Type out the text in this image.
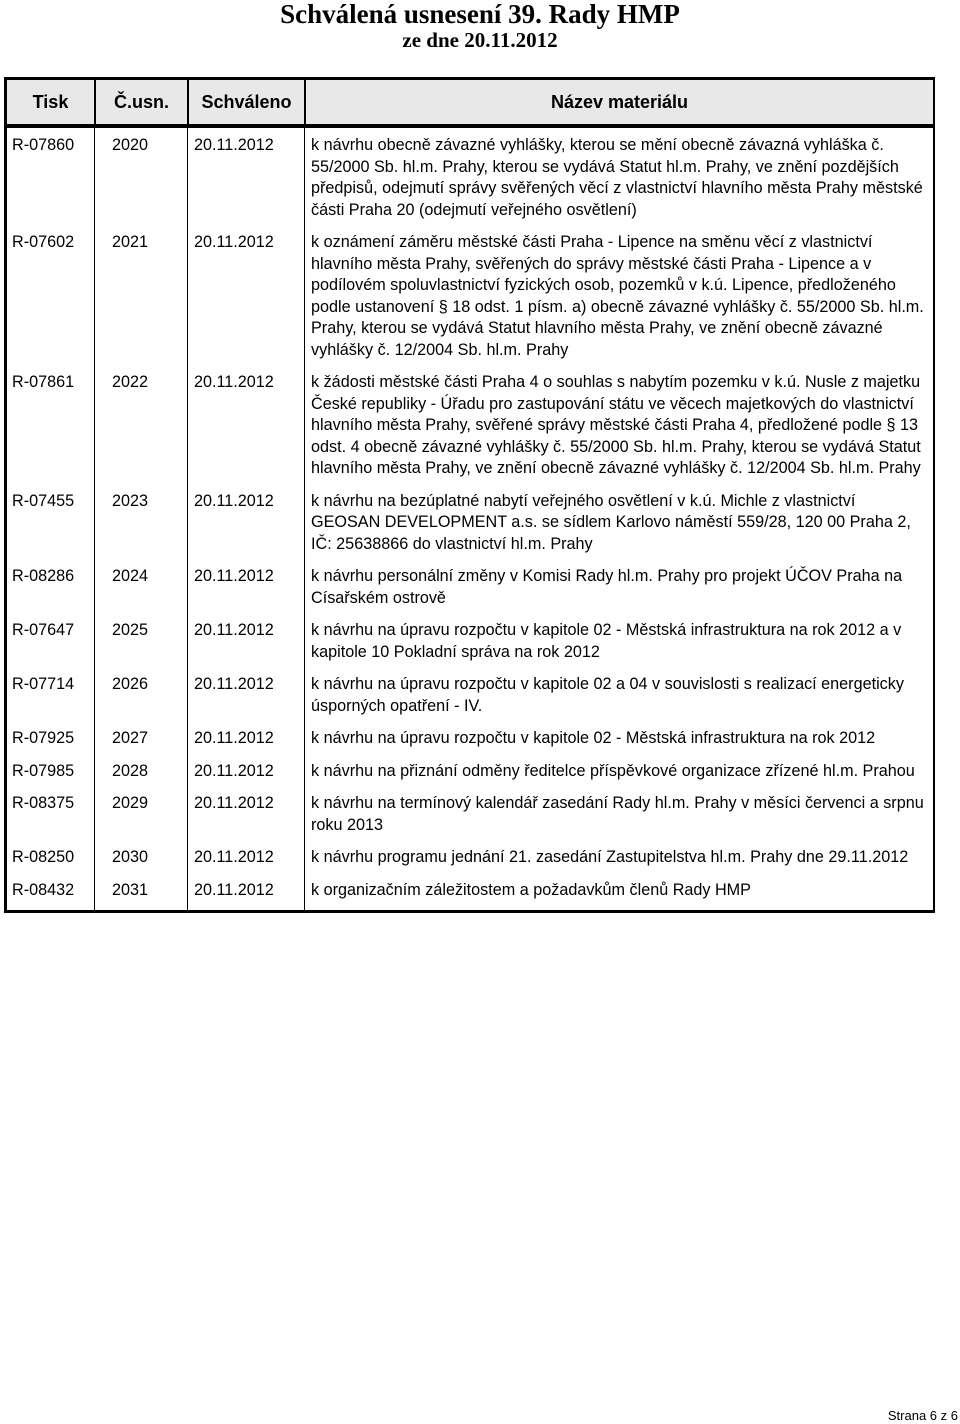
Schválená usnesení 39. Rady HMP
ze dne 20.11.2012
Tisk	Č.usn.	Schváleno	Název materiálu
R-07860	2020	20.11.2012	k návrhu obecně závazné vyhlášky, kterou se mění obecně závazná vyhláška č. 55/2000 Sb. hl.m. Prahy, kterou se vydává Statut hl.m. Prahy, ve znění pozdějších předpisů, odejmutí správy svěřených věcí z vlastnictví hlavního města Prahy městské části Praha 20 (odejmutí veřejného osvětlení)
R-07602	2021	20.11.2012	k oznámení záměru městské části Praha - Lipence na směnu věcí z vlastnictví hlavního města Prahy, svěřených do správy městské části Praha - Lipence a v podílovém spoluvlastnictví fyzických osob, pozemků v k.ú. Lipence, předloženého podle ustanovení § 18 odst. 1 písm. a) obecně závazné vyhlášky č. 55/2000 Sb. hl.m. Prahy, kterou se vydává Statut hlavního města Prahy, ve znění obecně závazné vyhlášky č. 12/2004 Sb. hl.m. Prahy
R-07861	2022	20.11.2012	k žádosti městské části Praha 4 o souhlas s nabytím pozemku v k.ú. Nusle z majetku České republiky - Úřadu pro zastupování státu ve věcech majetkových do vlastnictví hlavního města Prahy, svěřené správy městské části Praha 4, předložené podle § 13 odst. 4 obecně závazné vyhlášky č. 55/2000 Sb. hl.m. Prahy, kterou se vydává Statut hlavního města Prahy, ve znění obecně závazné vyhlášky č. 12/2004 Sb. hl.m. Prahy
R-07455	2023	20.11.2012	k návrhu na bezúplatné nabytí veřejného osvětlení v k.ú. Michle z vlastnictví GEOSAN DEVELOPMENT a.s. se sídlem Karlovo náměstí 559/28, 120 00 Praha 2, IČ: 25638866 do vlastnictví hl.m. Prahy
R-08286	2024	20.11.2012	k návrhu personální změny v Komisi Rady hl.m. Prahy pro projekt ÚČOV Praha na Císařském ostrově
R-07647	2025	20.11.2012	k návrhu na úpravu rozpočtu v kapitole 02 - Městská infrastruktura na rok 2012 a v kapitole 10 Pokladní správa na rok 2012
R-07714	2026	20.11.2012	k návrhu na úpravu rozpočtu v kapitole 02 a 04 v souvislosti s realizací energeticky úsporných opatření - IV.
R-07925	2027	20.11.2012	k návrhu na úpravu rozpočtu v kapitole 02 - Městská infrastruktura na rok 2012
R-07985	2028	20.11.2012	k návrhu na přiznání odměny ředitelce příspěvkové organizace zřízené hl.m. Prahou
R-08375	2029	20.11.2012	k návrhu na termínový kalendář zasedání Rady hl.m. Prahy v měsíci červenci a srpnu roku 2013
R-08250	2030	20.11.2012	k návrhu programu jednání 21. zasedání Zastupitelstva hl.m. Prahy dne 29.11.2012
R-08432	2031	20.11.2012	k organizačním záležitostem a požadavkům členů Rady HMP
Strana 6 z 6
